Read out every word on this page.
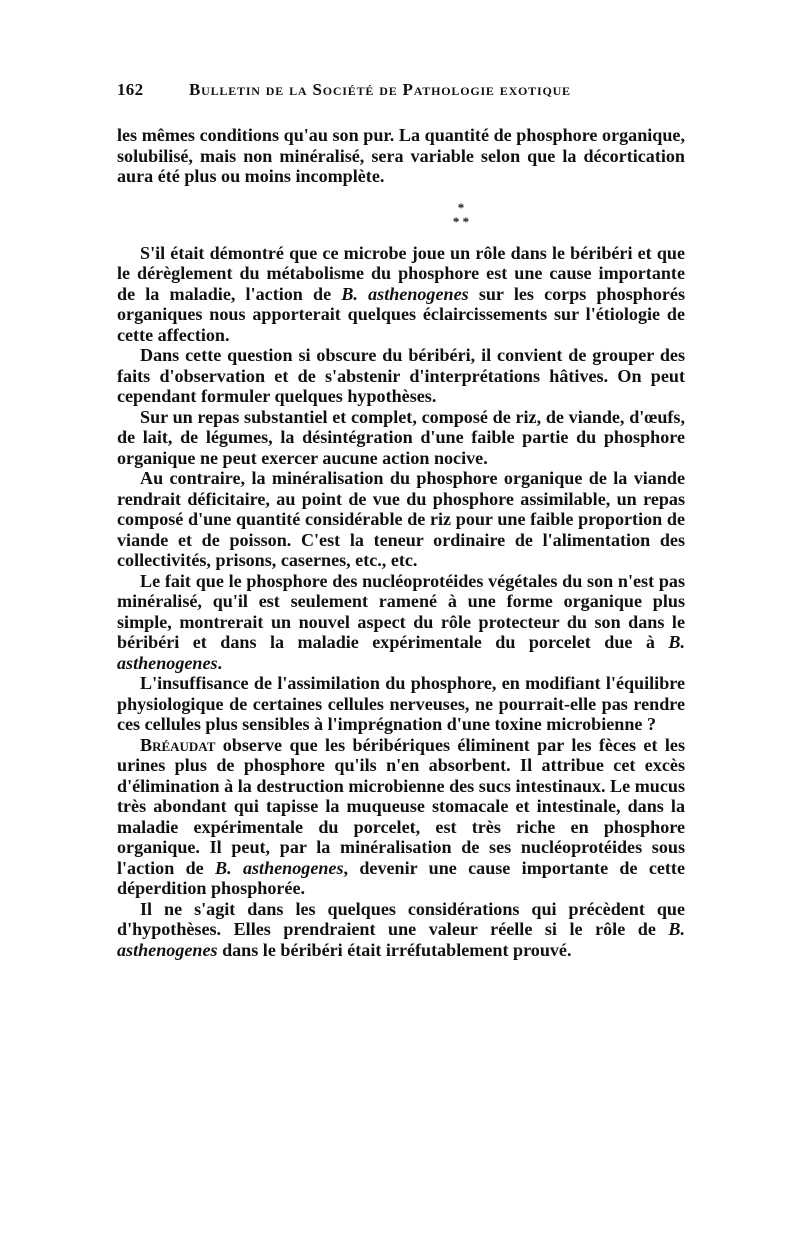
162	Bulletin de la Société de Pathologie exotique

les mêmes conditions qu'au son pur. La quantité de phosphore organique, solubilisé, mais non minéralisé, sera variable selon que la décortication aura été plus ou moins incomplète.

*
* *

S'il était démontré que ce microbe joue un rôle dans le béribéri et que le dérèglement du métabolisme du phosphore est une cause importante de la maladie, l'action de B. asthenogenes sur les corps phosphorés organiques nous apporterait quelques éclaircissements sur l'étiologie de cette affection.

Dans cette question si obscure du béribéri, il convient de grouper des faits d'observation et de s'abstenir d'interprétations hâtives. On peut cependant formuler quelques hypothèses.

Sur un repas substantiel et complet, composé de riz, de viande, d'œufs, de lait, de légumes, la désintégration d'une faible partie du phosphore organique ne peut exercer aucune action nocive.

Au contraire, la minéralisation du phosphore organique de la viande rendrait déficitaire, au point de vue du phosphore assimilable, un repas composé d'une quantité considérable de riz pour une faible proportion de viande et de poisson. C'est la teneur ordinaire de l'alimentation des collectivités, prisons, casernes, etc., etc.

Le fait que le phosphore des nucléoprotéides végétales du son n'est pas minéralisé, qu'il est seulement ramené à une forme organique plus simple, montrerait un nouvel aspect du rôle protecteur du son dans le béribéri et dans la maladie expérimentale du porcelet due à B. asthenogenes.

L'insuffisance de l'assimilation du phosphore, en modifiant l'équilibre physiologique de certaines cellules nerveuses, ne pourrait-elle pas rendre ces cellules plus sensibles à l'imprégnation d'une toxine microbienne ?

Bréaudat observe que les béribériques éliminent par les fèces et les urines plus de phosphore qu'ils n'en absorbent. Il attribue cet excès d'élimination à la destruction microbienne des sucs intestinaux. Le mucus très abondant qui tapisse la muqueuse stomacale et intestinale, dans la maladie expérimentale du porcelet, est très riche en phosphore organique. Il peut, par la minéralisation de ses nucléoprotéides sous l'action de B. asthenogenes, devenir une cause importante de cette déperdition phosphorée.

Il ne s'agit dans les quelques considérations qui précèdent que d'hypothèses. Elles prendraient une valeur réelle si le rôle de B. asthenogenes dans le béribéri était irréfutablement prouvé.
